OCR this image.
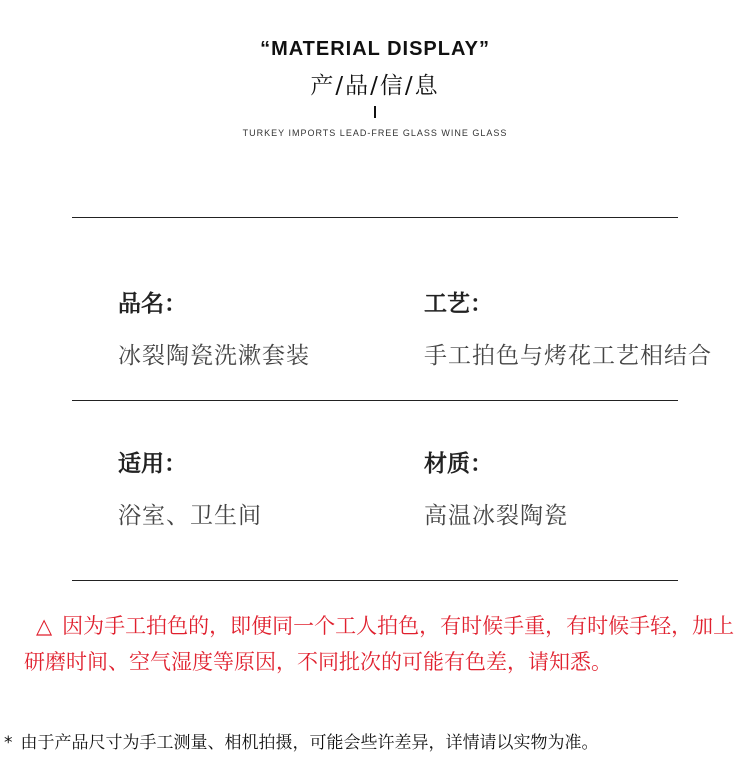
“MATERIAL DISPLAY”
产/品/信/息
TURKEY IMPORTS LEAD-FREE GLASS WINE GLASS
品名：
冰裂陶瓷洗漱套装
工艺：
手工拍色与烤花工艺相结合
适用：
浴室、卫生间
材质：
高温冰裂陶瓷
△ 因为手工拍色的，即便同一个工人拍色，有时候手重，有时候手轻，加上研磨时间、空气湿度等原因，不同批次的可能有色差，请知悉。
* 由于产品尺寸为手工测量、相机拍摄，可能会些许差异，详情请以实物为准。
